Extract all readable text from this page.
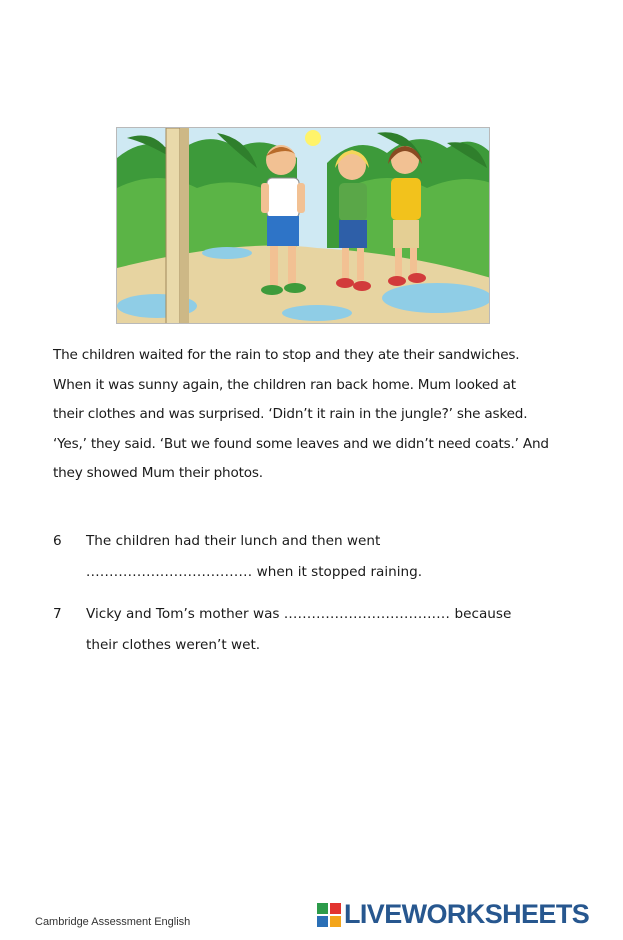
The children waited for the rain to stop and they ate their sandwiches.

When it was sunny again, the children ran back home. Mum looked at

their clothes and was surprised. ‘Didn’t it rain in the jungle?’ she asked.

‘Yes,’ they said. ‘But we found some leaves and we didn’t need coats.’ And

they showed Mum their photos.

6 The children had their lunch and then went
.................................... when it stopped raining.
7 Vicky and Tom’s mother was .................................... because
their clothes weren’t wet.
Cambridge Assessment English	LIVEWORKSHEETS
